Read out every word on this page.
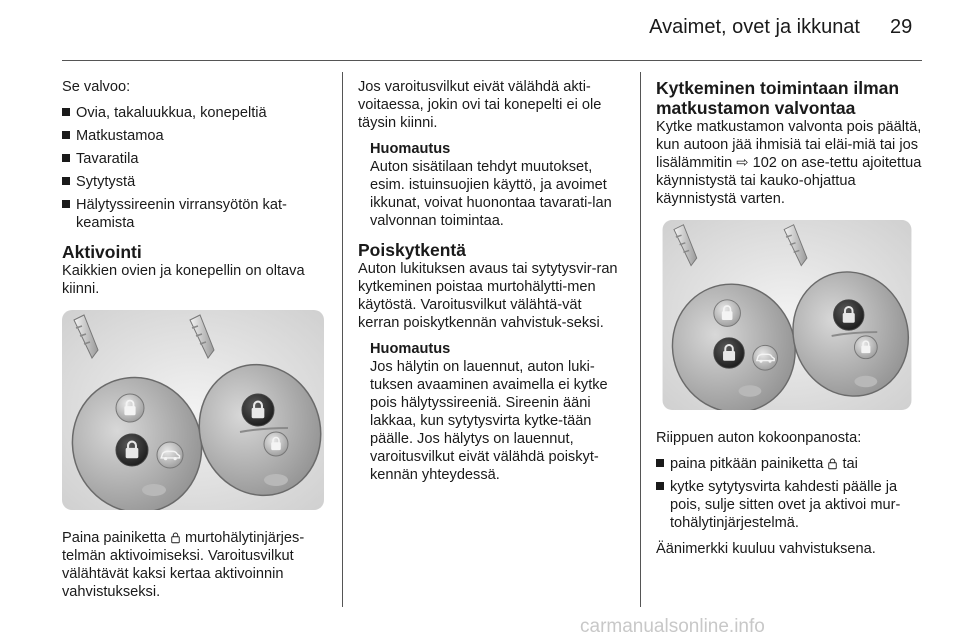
Avaimet, ovet ja ikkunat 29

Se valvoo:

Ovia, takaluukkua, konepeltiä
Matkustamoa
Tavaratila
Sytytystä
Hälytyssireenin virransyötön kat-keamista
Aktivointi

Kaikkien ovien ja konepellin on oltava kiinni.

Paina painiketta  murtohälytinjärjes-telmän aktivoimiseksi. Varoitusvilkut välähtävät kaksi kertaa aktivoinnin vahvistukseksi.

Jos varoitusvilkut eivät välähdä akti-voitaessa, jokin ovi tai konepelti ei ole täysin kiinni.

Huomautus
Auton sisätilaan tehdyt muutokset, esim. istuinsuojien käyttö, ja avoimet ikkunat, voivat huonontaa tavarati-lan valvonnan toimintaa.
Poiskytkentä

Auton lukituksen avaus tai sytytysvir-ran kytkeminen poistaa murtohälytti-men käytöstä. Varoitusvilkut välähtä-vät kerran poiskytkennän vahvistuk-seksi.

Huomautus
Jos hälytin on lauennut, auton luki-tuksen avaaminen avaimella ei kytke pois hälytyssireeniä. Sireenin ääni lakkaa, kun sytytysvirta kytke-tään päälle. Jos hälytys on lauennut, varoitusvilkut eivät välähdä poiskyt-kennän yhteydessä.
Kytkeminen toimintaan ilman matkustamon valvontaa

Kytke matkustamon valvonta pois päältä, kun autoon jää ihmisiä tai eläi-miä tai jos lisälämmitin ⇨ 102 on ase-tettu ajoitettua käynnistystä tai kauko-ohjattua käynnistystä varten.

Riippuen auton kokoonpanosta:

paina pitkään painiketta  tai
kytke sytytysvirta kahdesti päälle ja pois, sulje sitten ovet ja aktivoi mur-tohälytinjärjestelmä.

Äänimerkki kuuluu vahvistuksena.

carmanualsonline.info
